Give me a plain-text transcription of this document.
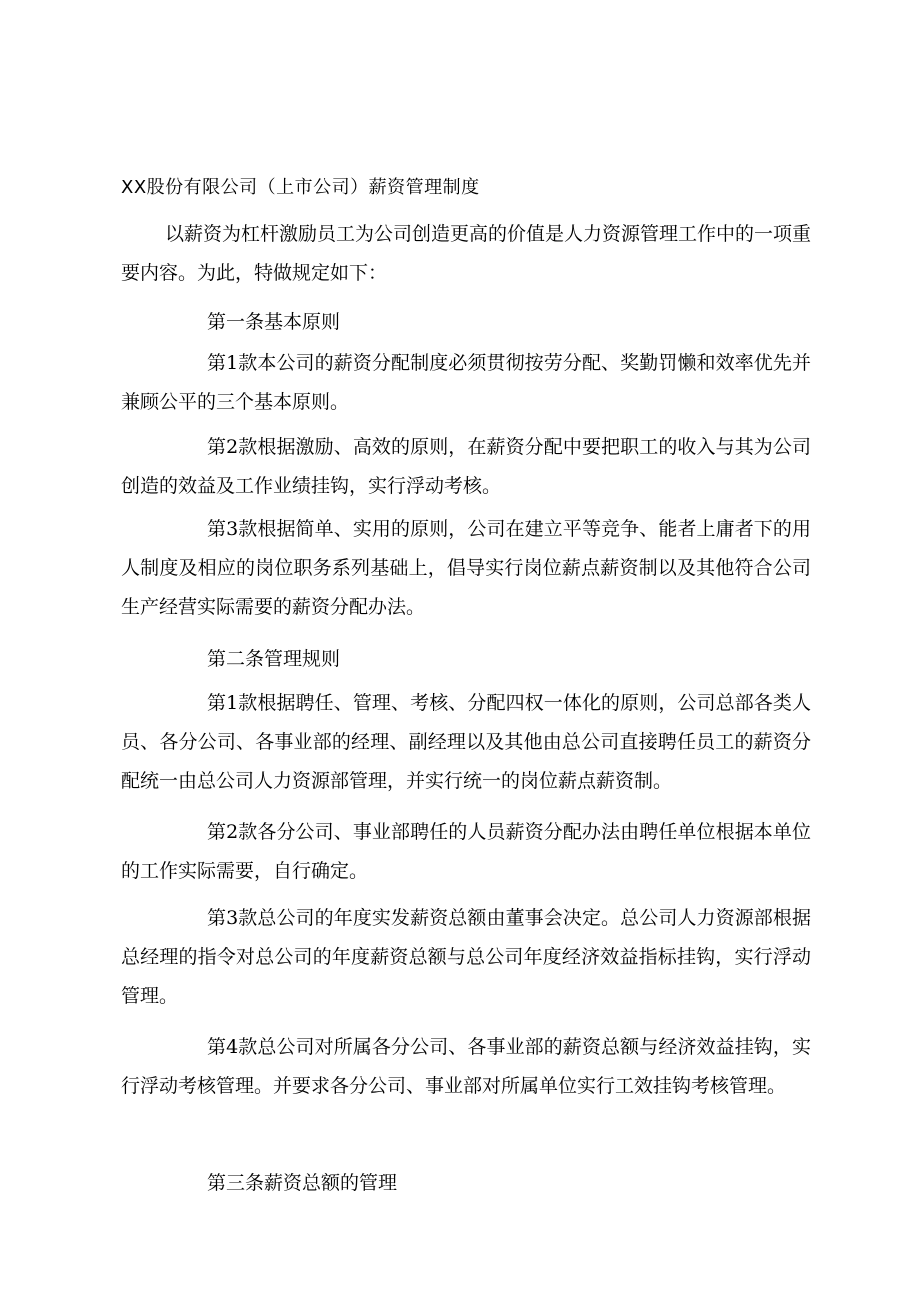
XX股份有限公司（上市公司）薪资管理制度

以薪资为杠杆激励员工为公司创造更高的价值是人力资源管理工作中的一项重要内容。为此，特做规定如下：

第一条基本原则

第1款本公司的薪资分配制度必须贯彻按劳分配、奖勤罚懒和效率优先并兼顾公平的三个基本原则。

第2款根据激励、高效的原则，在薪资分配中要把职工的收入与其为公司创造的效益及工作业绩挂钩，实行浮动考核。

第3款根据简单、实用的原则，公司在建立平等竞争、能者上庸者下的用人制度及相应的岗位职务系列基础上，倡导实行岗位薪点薪资制以及其他符合公司生产经营实际需要的薪资分配办法。

第二条管理规则

第1款根据聘任、管理、考核、分配四权一体化的原则，公司总部各类人员、各分公司、各事业部的经理、副经理以及其他由总公司直接聘任员工的薪资分配统一由总公司人力资源部管理，并实行统一的岗位薪点薪资制。

第2款各分公司、事业部聘任的人员薪资分配办法由聘任单位根据本单位的工作实际需要，自行确定。

第3款总公司的年度实发薪资总额由董事会决定。总公司人力资源部根据总经理的指令对总公司的年度薪资总额与总公司年度经济效益指标挂钩，实行浮动管理。

第4款总公司对所属各分公司、各事业部的薪资总额与经济效益挂钩，实行浮动考核管理。并要求各分公司、事业部对所属单位实行工效挂钩考核管理。

第三条薪资总额的管理
